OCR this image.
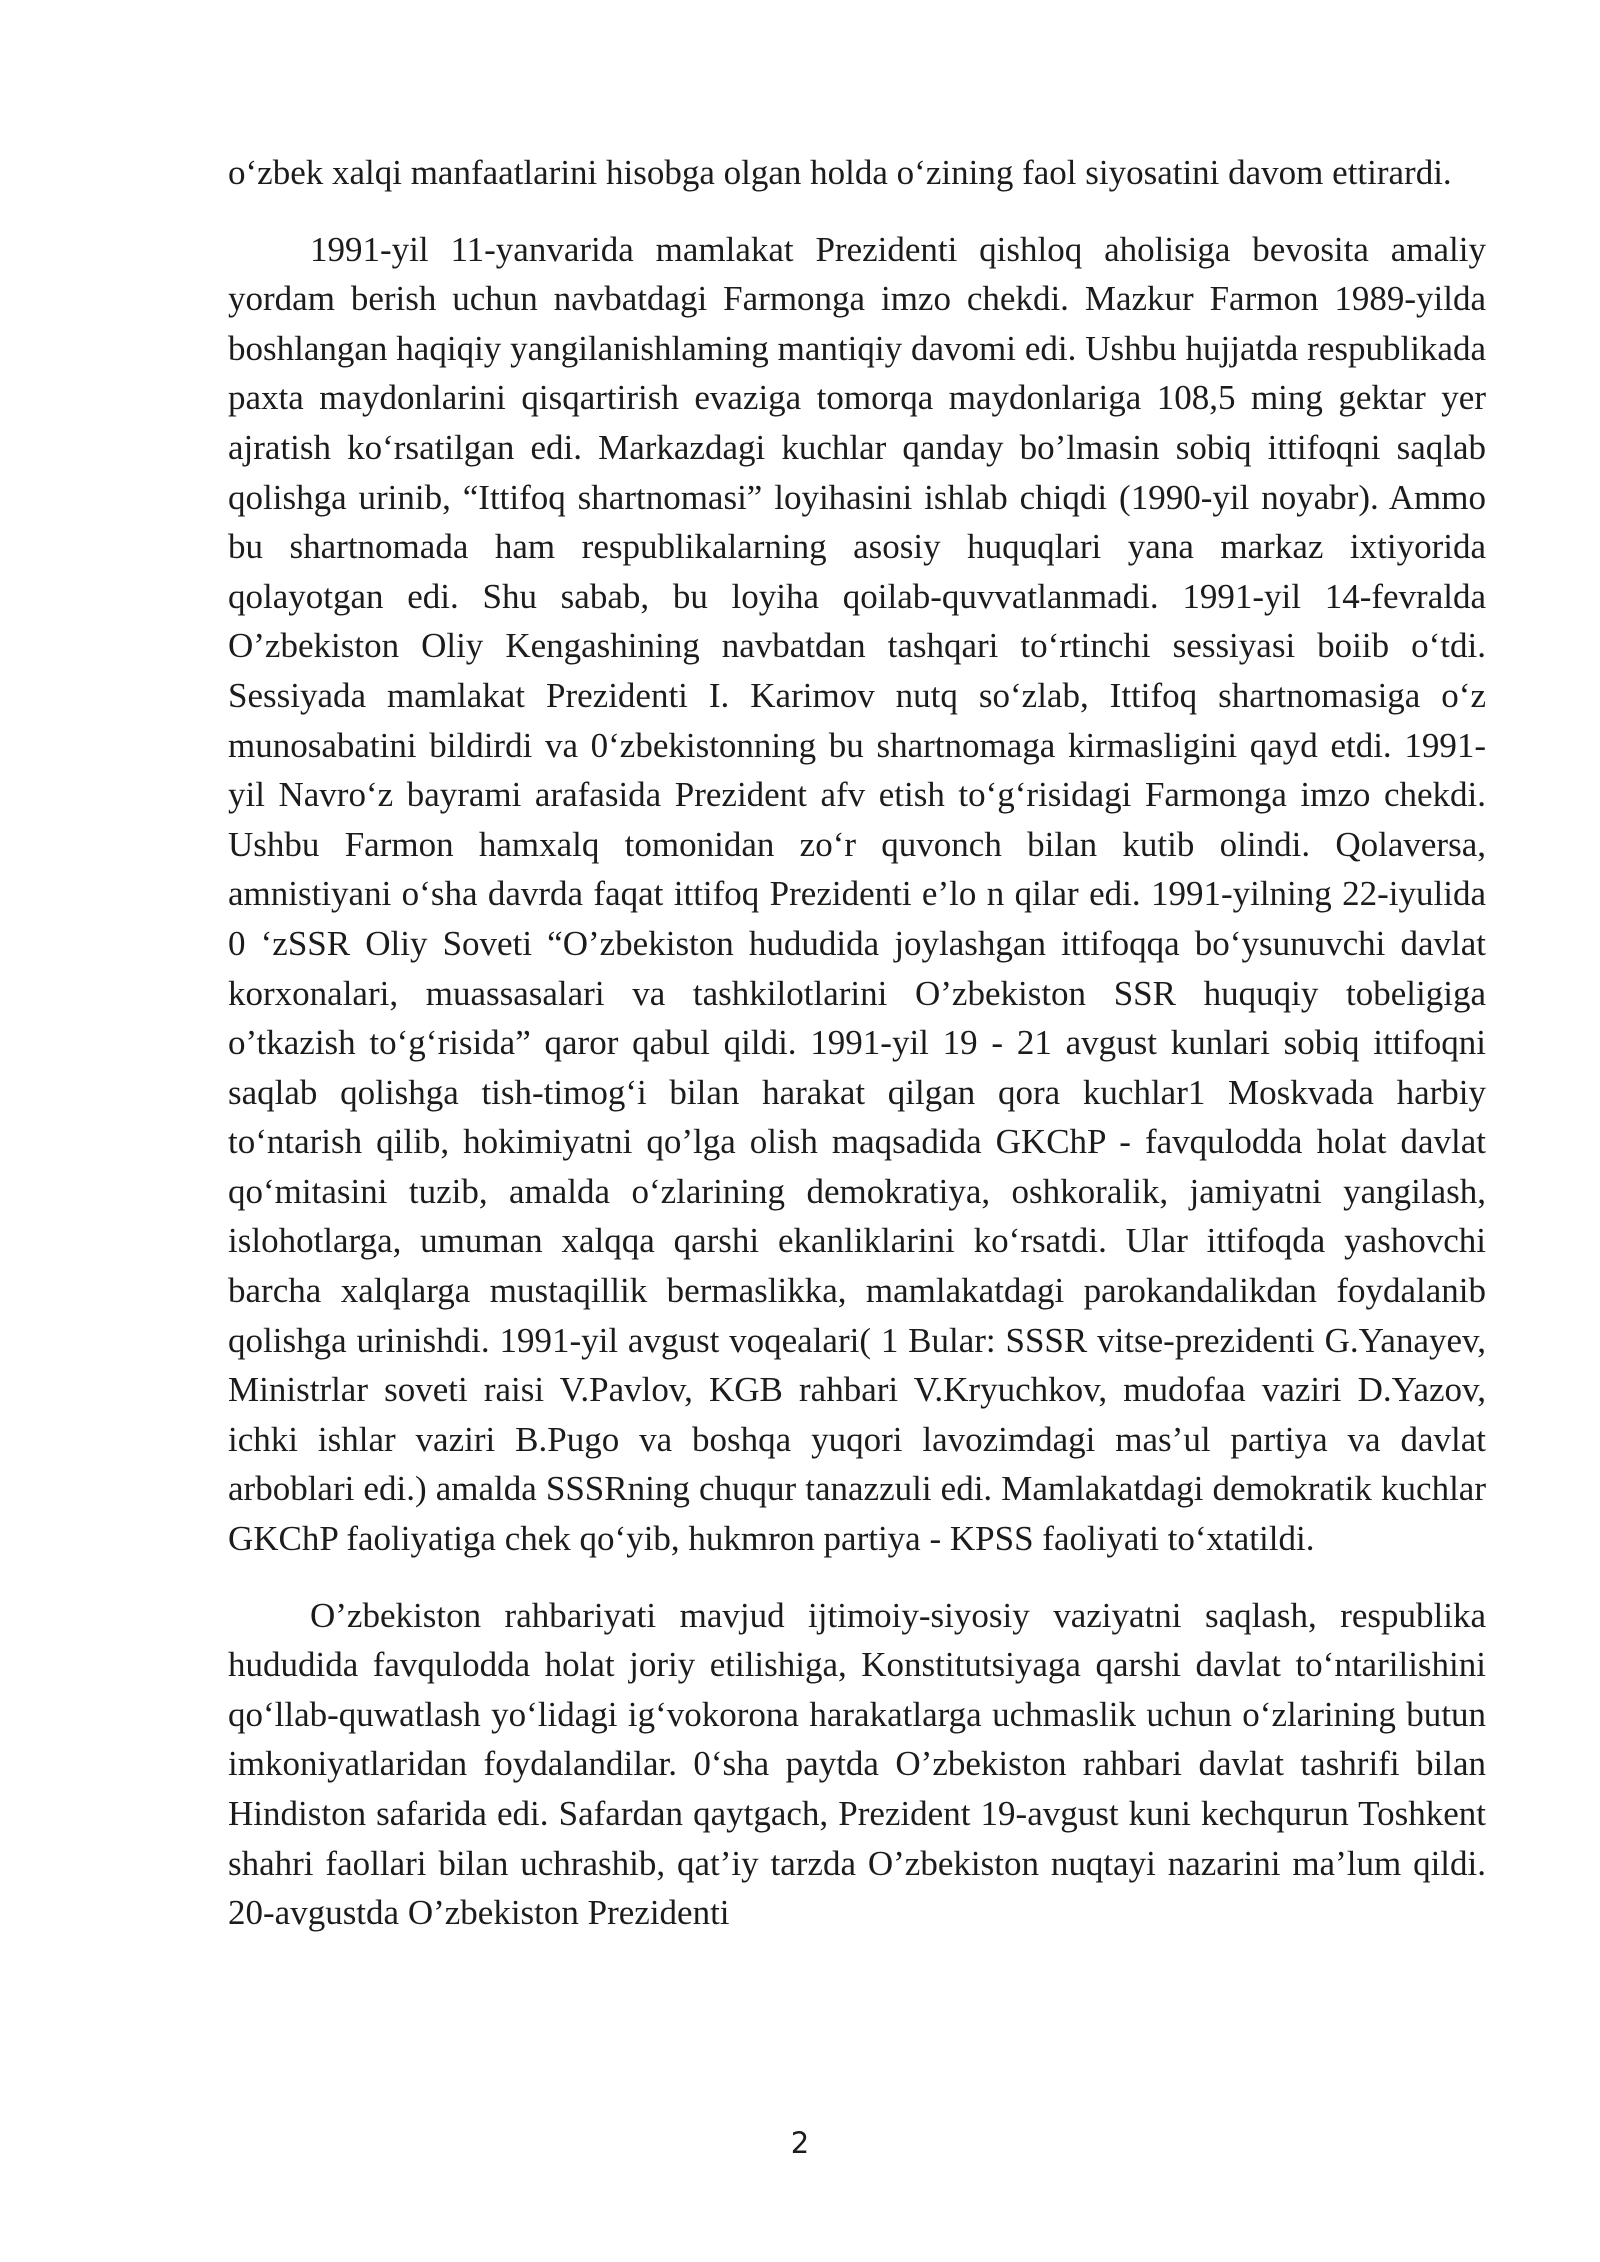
o‘zbek xalqi manfaatlarini hisobga olgan holda o‘zining faol siyosatini davom ettirardi.

1991-yil 11-yanvarida mamlakat Prezidenti qishloq aholisiga bevosita amaliy yordam berish uchun navbatdagi Farmonga imzo chekdi. Mazkur Farmon 1989-yilda boshlangan haqiqiy yangilanishlaming mantiqiy davomi edi. Ushbu hujjatda respublikada paxta maydonlarini qisqartirish evaziga tomorqa maydonlariga 108,5 ming gektar yer ajratish ko‘rsatilgan edi. Markazdagi kuchlar qanday bo’lmasin sobiq ittifoqni saqlab qolishga urinib, “Ittifoq shartnomasi” loyihasini ishlab chiqdi (1990-yil noyabr). Ammo bu shartnomada ham respublikalarning asosiy huquqlari yana markaz ixtiyorida qolayotgan edi. Shu sabab, bu loyiha qoilab-quvvatlanmadi. 1991-yil 14-fevralda O’zbekiston Oliy Kengashining navbatdan tashqari to‘rtinchi sessiyasi boiib o‘tdi. Sessiyada mamlakat Prezidenti I. Karimov nutq so‘zlab, Ittifoq shartnomasiga o‘z munosabatini bildirdi va 0‘zbekistonning bu shartnomaga kirmasligini qayd etdi. 1991-yil Navro‘z bayrami arafasida Prezident afv etish to‘g‘risidagi Farmonga imzo chekdi. Ushbu Farmon hamxalq tomonidan zo‘r quvonch bilan kutib olindi. Qolaversa, amnistiyani o‘sha davrda faqat ittifoq Prezidenti e’lo n qilar edi. 1991-yilning 22-iyulida 0 ‘zSSR Oliy Soveti “O’zbekiston hududida joylashgan ittifoqqa bo‘ysunuvchi davlat korxonalari, muassasalari va tashkilotlarini O’zbekiston SSR huquqiy tobeligiga o’tkazish to‘g‘risida” qaror qabul qildi. 1991-yil 19 - 21 avgust kunlari sobiq ittifoqni saqlab qolishga tish-timog‘i bilan harakat qilgan qora kuchlar1 Moskvada harbiy to‘ntarish qilib, hokimiyatni qo’lga olish maqsadida GKChP - favqulodda holat davlat qo‘mitasini tuzib, amalda o‘zlarining demokratiya, oshkoralik, jamiyatni yangilash, islohotlarga, umuman xalqqa qarshi ekanliklarini ko‘rsatdi. Ular ittifoqda yashovchi barcha xalqlarga mustaqillik bermaslikka, mamlakatdagi parokandalikdan foydalanib qolishga urinishdi. 1991-yil avgust voqealari( 1 Bular: SSSR vitse-prezidenti G.Yanayev, Ministrlar soveti raisi V.Pavlov, KGB rahbari V.Kryuchkov, mudofaa vaziri D.Yazov, ichki ishlar vaziri B.Pugo va boshqa yuqori lavozimdagi mas’ul partiya va davlat arboblari edi.) amalda SSSRning chuqur tanazzuli edi. Mamlakatdagi demokratik kuchlar GKChP faoliyatiga chek qo‘yib, hukmron partiya - KPSS faoliyati to‘xtatildi.

O’zbekiston rahbariyati mavjud ijtimoiy-siyosiy vaziyatni saqlash, respublika hududida favqulodda holat joriy etilishiga, Konstitutsiyaga qarshi davlat to‘ntarilishini qo‘llab-quwatlash yo‘lidagi ig‘vokorona harakatlarga uchmaslik uchun o‘zlarining butun imkoniyatlaridan foydalandilar. 0‘sha paytda O’zbekiston rahbari davlat tashrifi bilan Hindiston safarida edi. Safardan qaytgach, Prezident 19-avgust kuni kechqurun Toshkent shahri faollari bilan uchrashib, qat’iy tarzda O’zbekiston nuqtayi nazarini ma’lum qildi. 20-avgustda O’zbekiston Prezidenti

2
